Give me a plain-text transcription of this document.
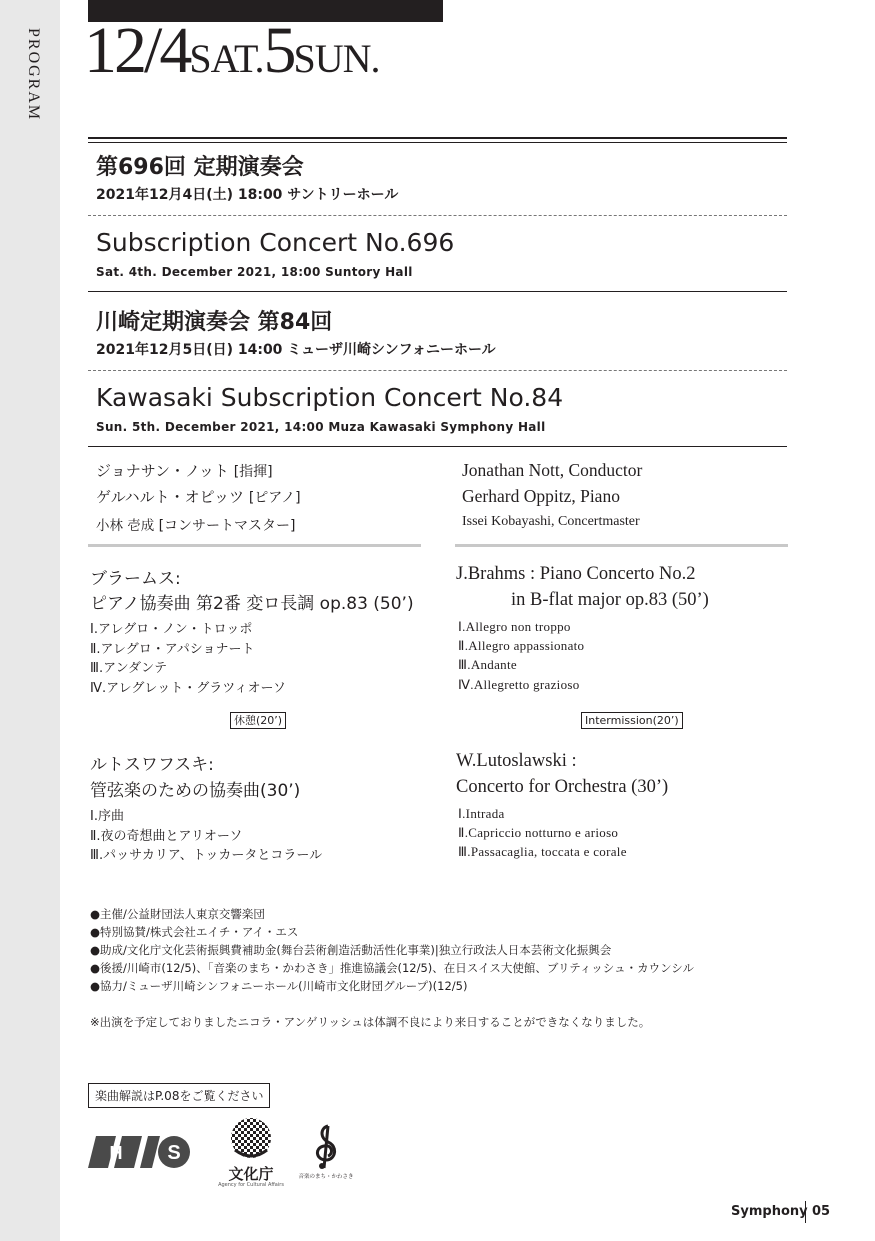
PROGRAM 12/4SAT.5SUN.
第696回 定期演奏会
2021年12月4日(土) 18:00 サントリーホール
Subscription Concert No.696
Sat. 4th. December 2021, 18:00 Suntory Hall
川崎定期演奏会 第84回
2021年12月5日(日) 14:00 ミューザ川崎シンフォニーホール
Kawasaki Subscription Concert No.84
Sun. 5th. December 2021, 14:00 Muza Kawasaki Symphony Hall
ジョナサン・ノット [指揮]
ゲルハルト・オピッツ [ピアノ]
小林 壱成 [コンサートマスター]
Jonathan Nott, Conductor
Gerhard Oppitz, Piano
Issei Kobayashi, Concertmaster
ブラームス:
ピアノ協奏曲 第2番 変ロ長調 op.83 (50’)
Ⅰ.アレグロ・ノン・トロッポ
Ⅱ.アレグロ・アパショナート
Ⅲ.アンダンテ
Ⅳ.アレグレット・グラツィオーソ
J.Brahms : Piano Concerto No.2
in B-flat major op.83 (50’)
Ⅰ.Allegro non troppo
Ⅱ.Allegro appassionato
Ⅲ.Andante
Ⅳ.Allegretto grazioso
休憩(20’)	Intermission(20’)
ルトスワフスキ:
管弦楽のための協奏曲(30’)
Ⅰ.序曲
Ⅱ.夜の奇想曲とアリオーソ
Ⅲ.パッサカリア、トッカータとコラール
W.Lutoslawski :
Concerto for Orchestra (30’)
Ⅰ.Intrada
Ⅱ.Capriccio notturno e arioso
Ⅲ.Passacaglia, toccata e corale
●主催/公益財団法人東京交響楽団
●特別協賛/株式会社エイチ・アイ・エス
●助成/文化庁文化芸術振興費補助金(舞台芸術創造活動活性化事業)|独立行政法人日本芸術文化振興会
●後援/川崎市(12/5)、「音楽のまち・かわさき」推進協議会(12/5)、在日スイス大使館、ブリティッシュ・カウンシル
●協力/ミューザ川崎シンフォニーホール(川崎市文化財団グループ)(12/5)
※出演を予定しておりましたニコラ・アンゲリッシュは体調不良により来日することができなくなりました。
楽曲解説はP.08をご覧ください
S
H
文化庁
Agency for Cultural Affairs
音楽のまち・かわさき
Symphony 05
